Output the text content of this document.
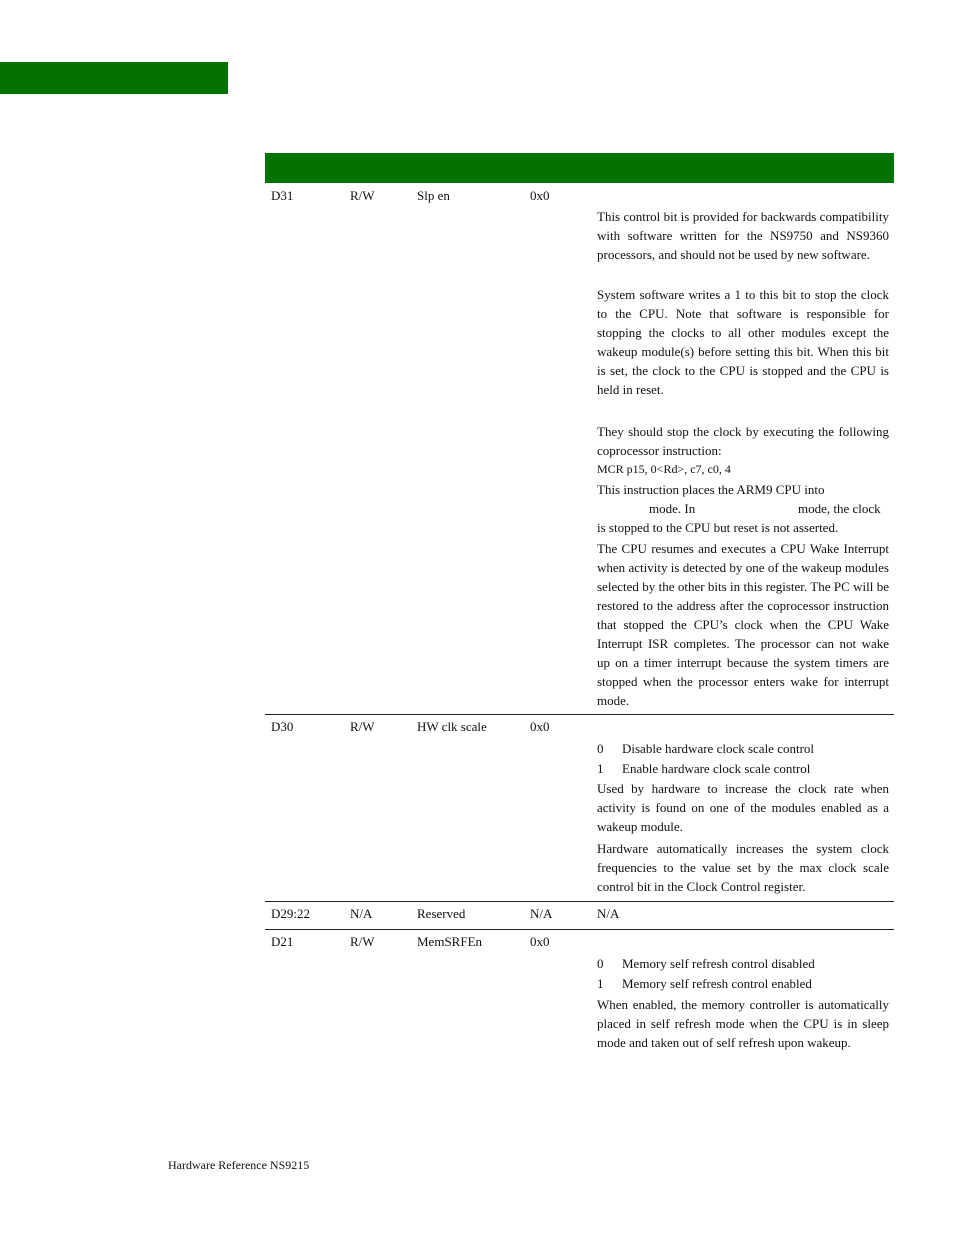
D31	R/W	Slp en	0x0
This control bit is provided for backwards compatibility with software written for the NS9750 and NS9360 processors, and should not be used by new software.
System software writes a 1 to this bit to stop the clock to the CPU. Note that software is responsible for stopping the clocks to all other modules except the wakeup module(s) before setting this bit. When this bit is set, the clock to the CPU is stopped and the CPU is held in reset.
They should stop the clock by executing the following coprocessor instruction:
MCR p15, 0<Rd>, c7, c0, 4
This instruction places the ARM9 CPU into
mode. In	mode, the clock
is stopped to the CPU but reset is not asserted.
The CPU resumes and executes a CPU Wake Interrupt when activity is detected by one of the wakeup modules selected by the other bits in this register. The PC will be restored to the address after the coprocessor instruction that stopped the CPU’s clock when the CPU Wake Interrupt ISR completes. The processor can not wake up on a timer interrupt because the system timers are stopped when the processor enters wake for interrupt mode.
D30	R/W	HW clk scale	0x0
0 Disable hardware clock scale control
1 Enable hardware clock scale control
Used by hardware to increase the clock rate when activity is found on one of the modules enabled as a wakeup module.
Hardware automatically increases the system clock frequencies to the value set by the max clock scale control bit in the Clock Control register.
D29:22	N/A	Reserved	N/A	N/A
D21	R/W	MemSRFEn	0x0
0 Memory self refresh control disabled
1 Memory self refresh control enabled
When enabled, the memory controller is automatically placed in self refresh mode when the CPU is in sleep mode and taken out of self refresh upon wakeup.
Hardware Reference NS9215
